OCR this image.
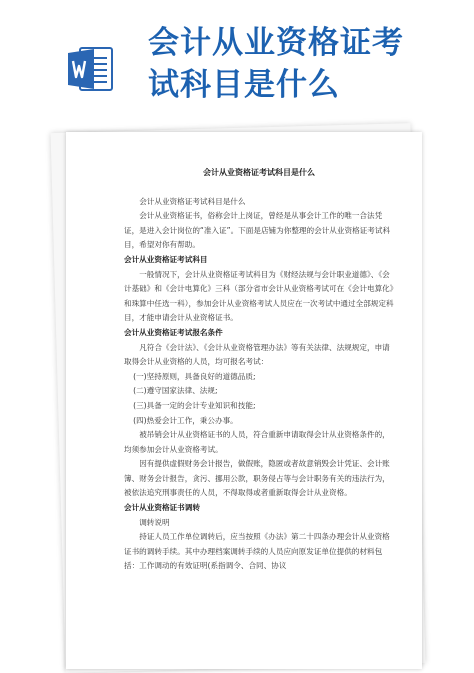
会计从业资格证考
试科目是什么

会计从业资格证考试科目是什么

会计从业资格证考试科目是什么

会计从业资格证书，俗称会计上岗证，曾经是从事会计工作的唯一合法凭证，是进入会计岗位的“准入证”。下面是店铺为你整理的会计从业资格证考试科目，希望对你有帮助。

会计从业资格证考试科目

一般情况下，会计从业资格证考试科目为《财经法规与会计职业道德》、《会计基础》和《会计电算化》三科（部分省市会计从业资格考试可在《会计电算化》和珠算中任选一科），参加会计从业资格考试人员应在一次考试中通过全部规定科目，才能申请会计从业资格证书。

会计从业资格证考试报名条件

凡符合《会计法》、《会计从业资格管理办法》等有关法律、法规规定，申请取得会计从业资格的人员，均可报名考试：

(一)坚持原则，具备良好的道德品质;

(二)遵守国家法律、法规;

(三)具备一定的会计专业知识和技能;

(四)热爱会计工作，秉公办事。

被吊销会计从业资格证书的人员，符合重新申请取得会计从业资格条件的，均须参加会计从业资格考试。

因有提供虚假财务会计报告，做假账，隐匿或者故意销毁会计凭证、会计账簿、财务会计报告，贪污、挪用公款，职务侵占等与会计职务有关的违法行为，被依法追究刑事责任的人员，不得取得或者重新取得会计从业资格。

会计从业资格证书调转

调转说明

持证人员工作单位调转后，应当按照《办法》第二十四条办理会计从业资格证书的调转手续。其中办理档案调转手续的人员应向原发证单位提供的材料包括：工作调动的有效证明(系指调令、合同、协议
